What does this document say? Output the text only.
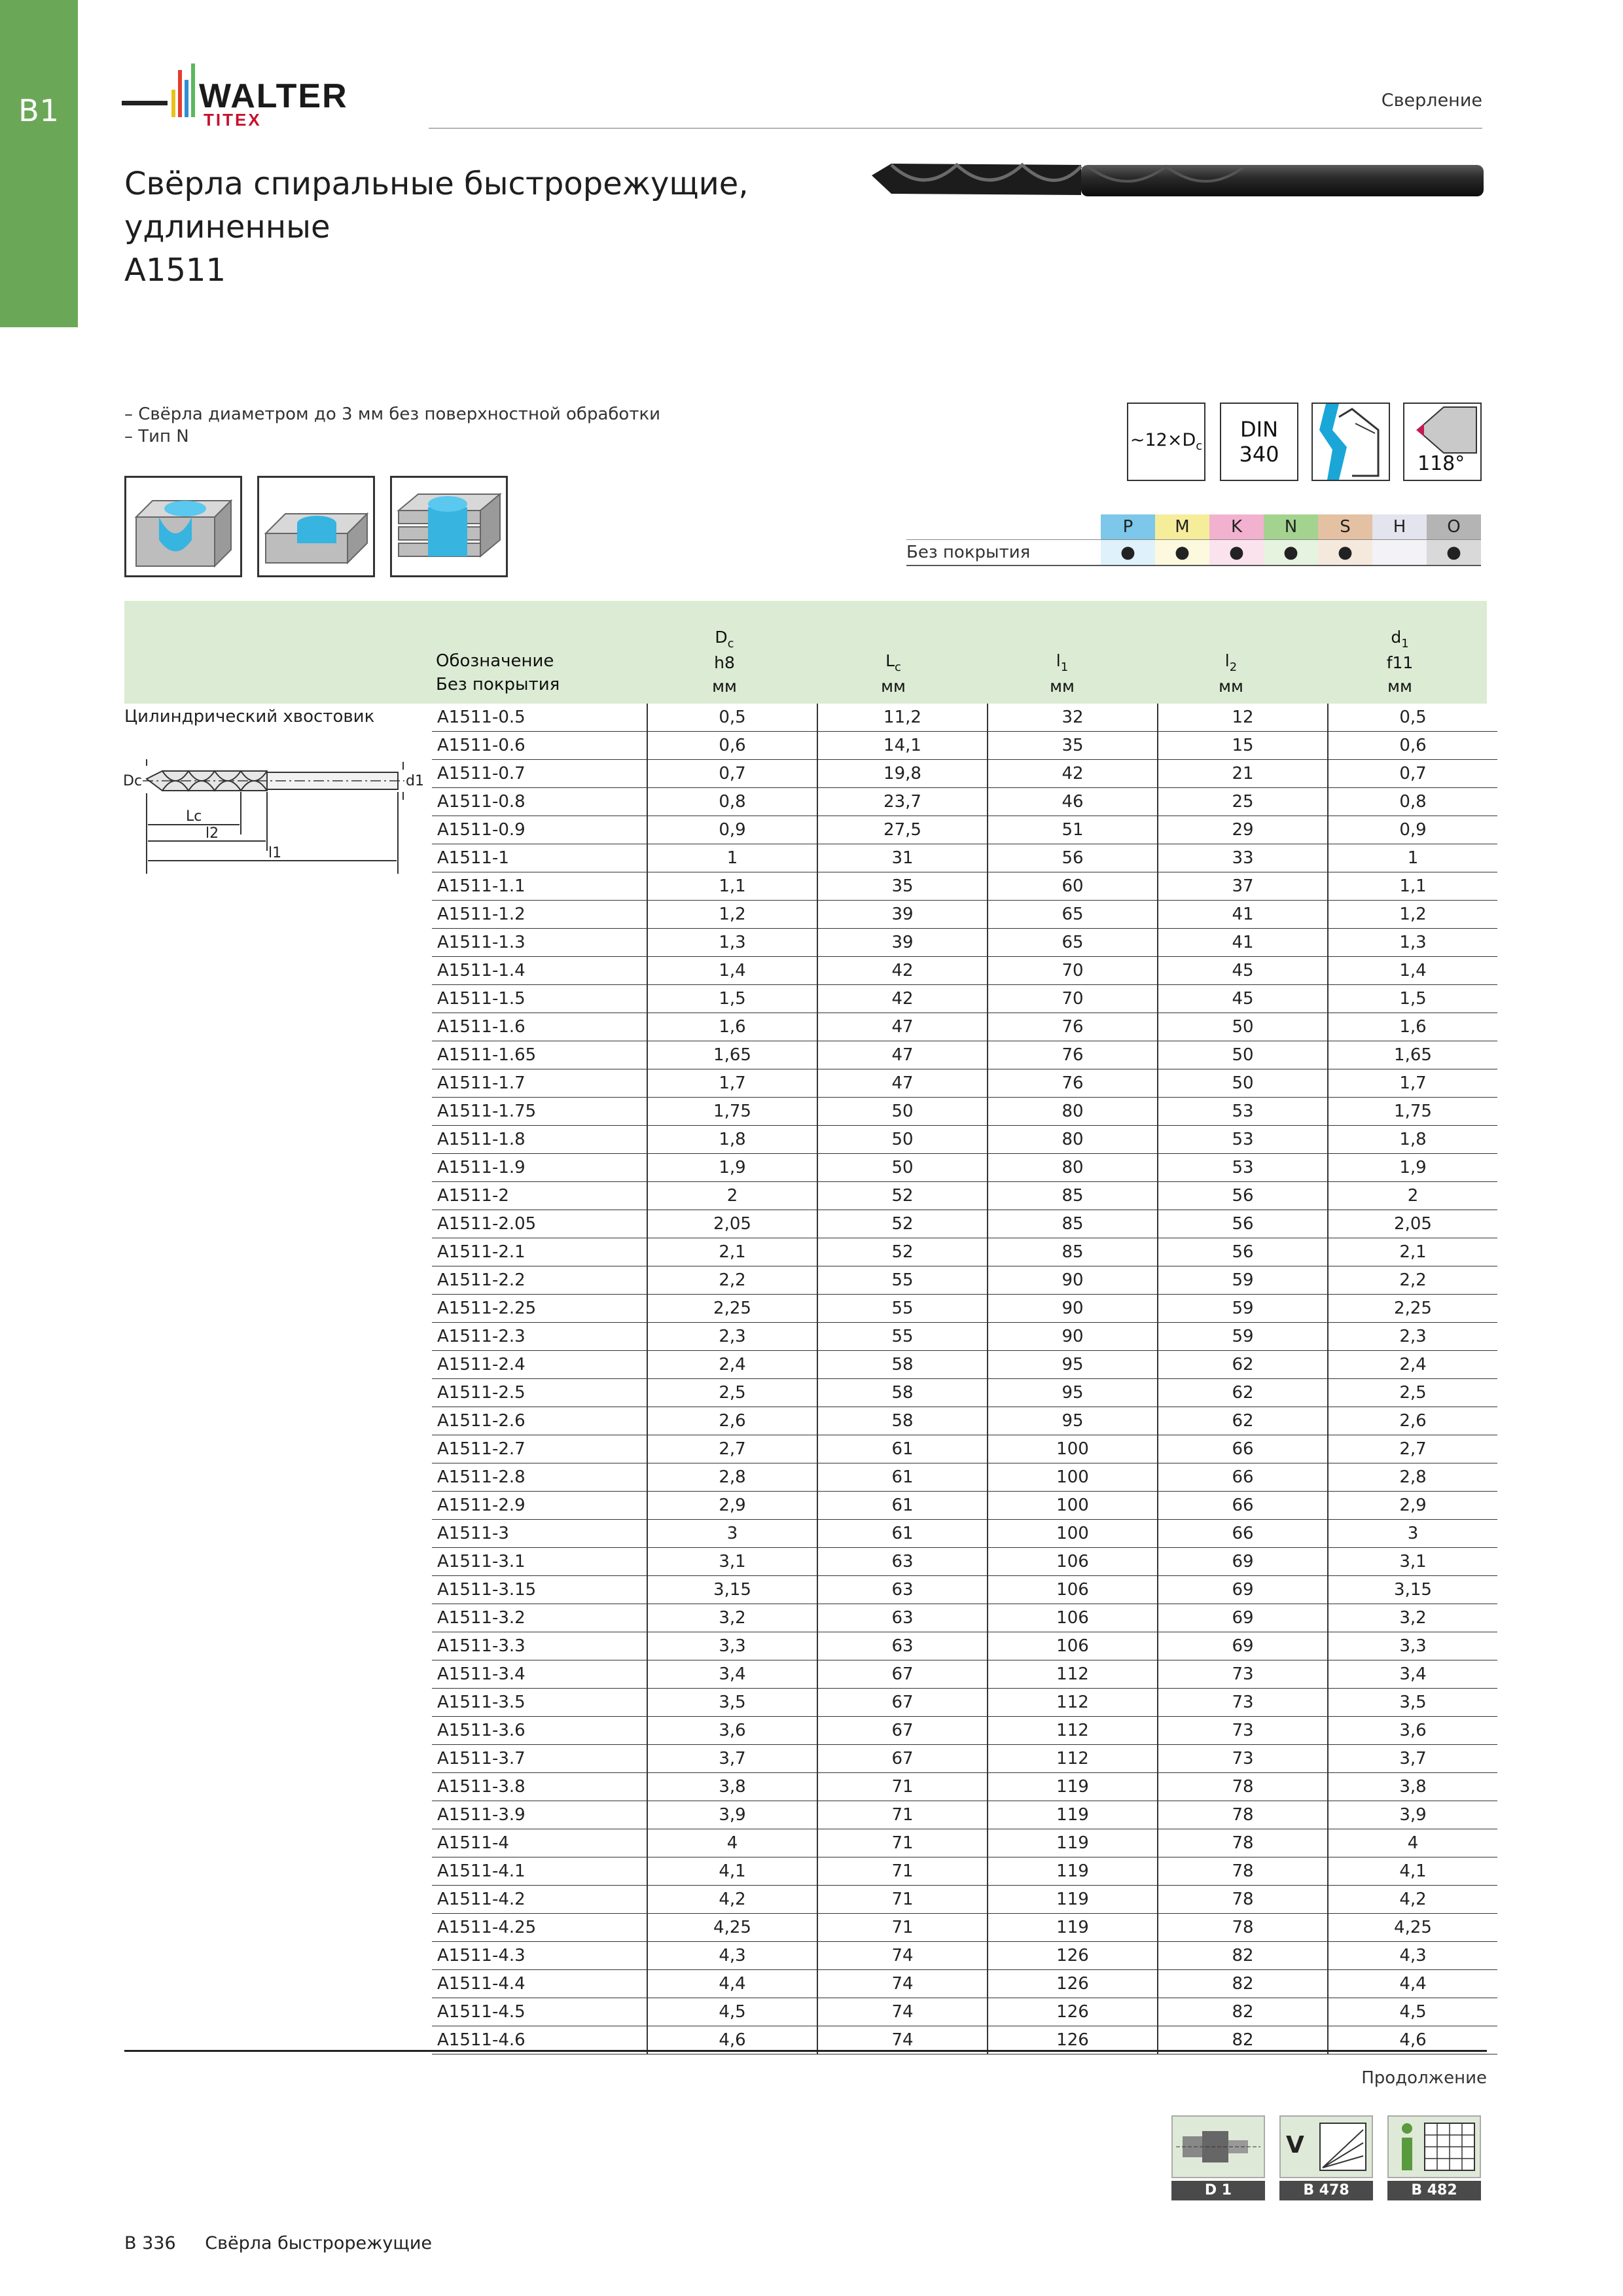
B1	WALTER
TITEX
Сверление
Свёрла спиральные быстрорежущие,
удлиненные
А1511
– Свёрла диаметром до 3 мм без поверхностной обработки
– Тип N	$\sim 12\times D_c$
DIN
340	118°
	P	M	K	N	S	H	O
Без покрытия	●	●	●	●	●		●
Обозначение
Без покрытия
$D_c$
h8
мм
$L_c$
мм
$l_1$
мм
$l_2$
мм
$d_1$
f11
мм
Цилиндрический хвостовик
Dc	d1
Lc
l2
l1
A1511-0.5	0,5	11,2	32	12	0,5
A1511-0.6	0,6	14,1	35	15	0,6
A1511-0.7	0,7	19,8	42	21	0,7
A1511-0.8	0,8	23,7	46	25	0,8
A1511-0.9	0,9	27,5	51	29	0,9
A1511-1	1	31	56	33	1
A1511-1.1	1,1	35	60	37	1,1
A1511-1.2	1,2	39	65	41	1,2
A1511-1.3	1,3	39	65	41	1,3
A1511-1.4	1,4	42	70	45	1,4
A1511-1.5	1,5	42	70	45	1,5
A1511-1.6	1,6	47	76	50	1,6
A1511-1.65	1,65	47	76	50	1,65
A1511-1.7	1,7	47	76	50	1,7
A1511-1.75	1,75	50	80	53	1,75
A1511-1.8	1,8	50	80	53	1,8
A1511-1.9	1,9	50	80	53	1,9
A1511-2	2	52	85	56	2
A1511-2.05	2,05	52	85	56	2,05
A1511-2.1	2,1	52	85	56	2,1
A1511-2.2	2,2	55	90	59	2,2
A1511-2.25	2,25	55	90	59	2,25
A1511-2.3	2,3	55	90	59	2,3
A1511-2.4	2,4	58	95	62	2,4
A1511-2.5	2,5	58	95	62	2,5
A1511-2.6	2,6	58	95	62	2,6
A1511-2.7	2,7	61	100	66	2,7
A1511-2.8	2,8	61	100	66	2,8
A1511-2.9	2,9	61	100	66	2,9
A1511-3	3	61	100	66	3
A1511-3.1	3,1	63	106	69	3,1
A1511-3.15	3,15	63	106	69	3,15
A1511-3.2	3,2	63	106	69	3,2
A1511-3.3	3,3	63	106	69	3,3
A1511-3.4	3,4	67	112	73	3,4
A1511-3.5	3,5	67	112	73	3,5
A1511-3.6	3,6	67	112	73	3,6
A1511-3.7	3,7	67	112	73	3,7
A1511-3.8	3,8	71	119	78	3,8
A1511-3.9	3,9	71	119	78	3,9
A1511-4	4	71	119	78	4
A1511-4.1	4,1	71	119	78	4,1
A1511-4.2	4,2	71	119	78	4,2
A1511-4.25	4,25	71	119	78	4,25
A1511-4.3	4,3	74	126	82	4,3
A1511-4.4	4,4	74	126	82	4,4
A1511-4.5	4,5	74	126	82	4,5
A1511-4.6	4,6	74	126	82	4,6
Продолжение
D 1
V
B 478	B 482
B 336 Свёрла быстрорежущие
